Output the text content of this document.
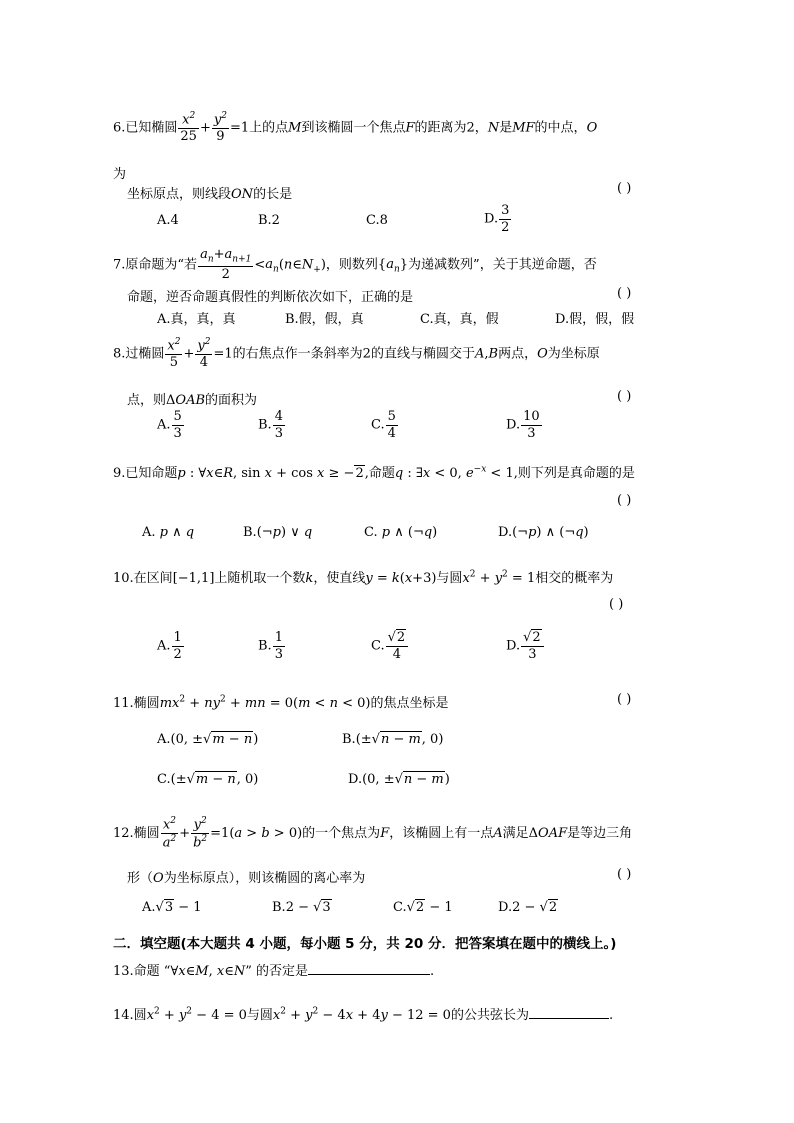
6.已知椭圆 $\frac{x^2}{25} + \frac{y^2}{9} =1$上的点M到该椭圆一个焦点F的距离为2，N是MF的中点，O
为
坐标原点，则线段ON的长是	( )
A.4	B.2	C.8	D. $\frac{3}{2}$
7.原命题为“若 $\frac{a_n+a_{n+1}}{2}$ $<a_n(n\in N_+)$，则数列$\{a_n\}$为递减数列”，关于其逆命题，否
命题，逆否命题真假性的判断依次如下，正确的是	( )
A.真，真，真	B.假，假，真	C.真，真，假	D.假，假，假
8.过椭圆 $\frac{x^2}{5} + \frac{y^2}{4} =1$的右焦点作一条斜率为2的直线与椭圆交于A,B两点，O为坐标原
点，则ΔOAB的面积为	( )
A. $\frac{5}{3}$	B. $\frac{4}{3}$	C. $\frac{5}{4}$	D. $\frac{10}{3}$
9.已知命题p : ∀x∈R, sin x + cos x ≥ −2,命题q : ∃x < 0, $e^{-x} < 1$,则下列是真命题的是
( )
A. p ∧ q	B.(¬p) ∨ q	C. p ∧ (¬q)	D.(¬p) ∧ (¬q)
10.在区间[−1,1]上随机取一个数k，使直线y = k(x+3)与圆$x^2 + y^2 = 1$相交的概率为
( )
A. $\frac{1}{2}$	B. $\frac{1}{3}$	C. $\frac{√2}{4}$	D. $\frac{√2}{3}$
11.椭圆$mx^2 + ny^2$ + mn = 0(m < n < 0)的焦点坐标是	( )
A.(0, ±√m − n)	B.(±√n − m, 0)
C.(±√m − n, 0)	D.(0, ±√n − m)
12.椭圆 $\frac{x^2}{a^2} + \frac{y^2}{b^2} =1(a > b > 0)$的一个焦点为F，该椭圆上有一点A满足ΔOAF是等边三角
形（O为坐标原点），则该椭圆的离心率为	( )
A.√3 − 1	B.2 − √3	C.√2 − 1	D.2 − √2
二．填空题(本大题共 4 小题，每小题 5 分，共 20 分．把答案填在题中的横线上。)
13.命题 “∀x∈M, x∈N” 的否定是	.
14.圆$x^2 + y^2 - 4 = 0$与圆$x^2 + y^2 - 4x + 4y - 12 = 0$的公共弦长为	.
